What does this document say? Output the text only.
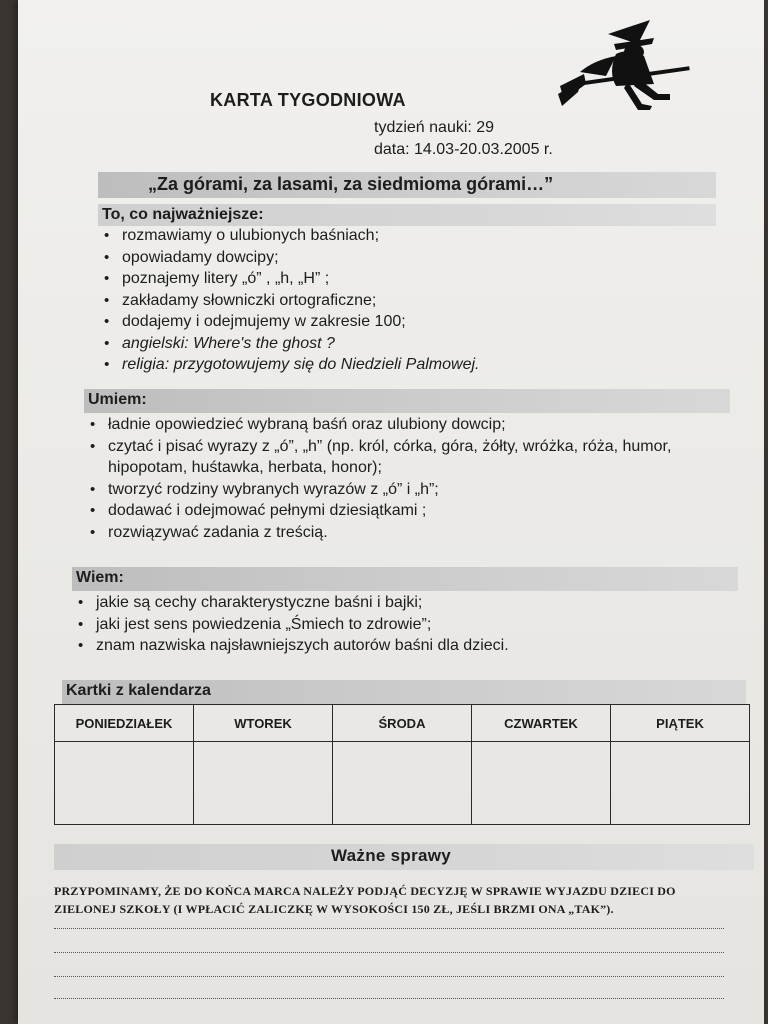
KARTA TYGODNIOWA
tydzień nauki: 29
data: 14.03-20.03.2005 r.
„Za górami, za lasami, za siedmioma górami…”
To, co najważniejsze:
• rozmawiamy o ulubionych baśniach;
• opowiadamy dowcipy;
• poznajemy litery „ó” , „h, „H” ;
• zakładamy słowniczki ortograficzne;
• dodajemy i odejmujemy w zakresie 100;
• angielski: Where's the ghost ?
• religia: przygotowujemy się do Niedzieli Palmowej.
Umiem:
• ładnie opowiedzieć wybraną baśń oraz ulubiony dowcip;
• czytać i pisać wyrazy z „ó”, „h” (np. król, córka, góra, żółty, wróżka, róża, humor, hipopotam, huśtawka, herbata, honor);
• tworzyć rodziny wybranych wyrazów z „ó” i „h”;
• dodawać i odejmować pełnymi dziesiątkami ;
• rozwiązywać zadania z treścią.
Wiem:
• jakie są cechy charakterystyczne baśni i bajki;
• jaki jest sens powiedzenia „Śmiech to zdrowie”;
• znam nazwiska najsławniejszych autorów baśni dla dzieci.
Kartki z kalendarza
PONIEDZIAŁEK	WTOREK	ŚRODA	CZWARTEK	PIĄTEK

Ważne sprawy
PRZYPOMINAMY, ŻE DO KOŃCA MARCA NALEŻY PODJĄĆ DECYZJĘ W SPRAWIE WYJAZDU DZIECI DO
ZIELONEJ SZKOŁY (I WPŁACIĆ ZALICZKĘ W WYSOKOŚCI 150 ZŁ, JEŚLI BRZMI ONA „TAK”).
